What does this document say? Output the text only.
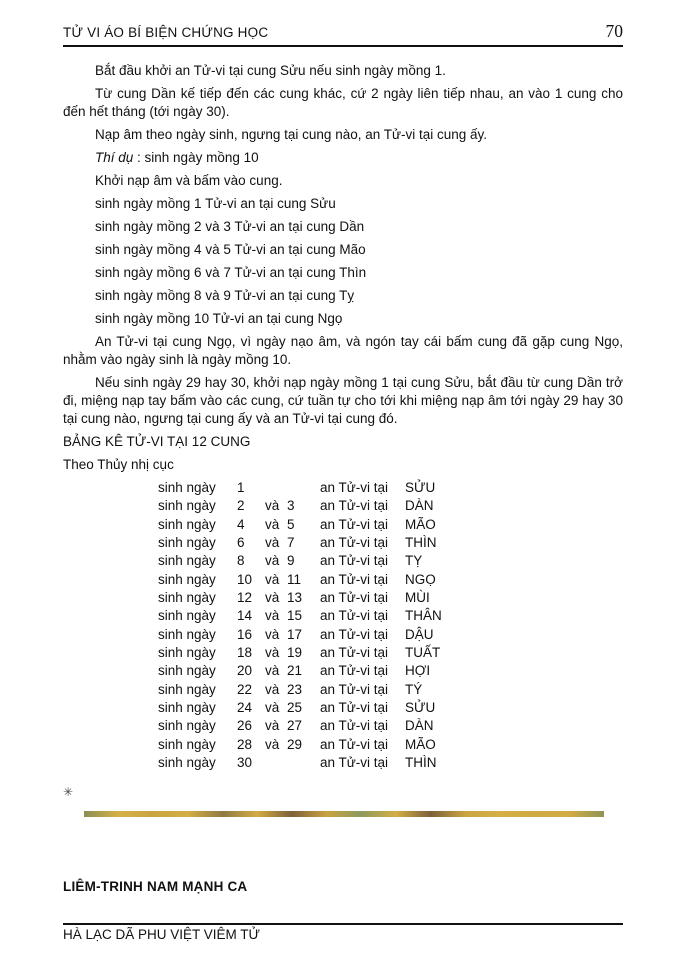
TỬ VI ÁO BÍ BIỆN CHỨNG HỌC	70

Bắt đầu khởi an Tử-vi tại cung Sửu nếu sinh ngày mồng 1.

Từ cung Dần kế tiếp đến các cung khác, cứ 2 ngày liên tiếp nhau, an vào 1 cung cho đến hết tháng (tới ngày 30).

Nạp âm theo ngày sinh, ngưng tại cung nào, an Tử-vi tại cung ấy.

Thí dụ : sinh ngày mồng 10

Khởi nạp âm và bấm vào cung.

sinh ngày mồng 1 Tử-vi an tại cung Sửu

sinh ngày mồng 2 và 3 Tử-vi an tại cung Dần

sinh ngày mồng 4 và 5 Tử-vi an tại cung Mão

sinh ngày mồng 6 và 7 Tử-vi an tại cung Thìn

sinh ngày mồng 8 và 9 Tử-vi an tại cung Tỵ

sinh ngày mồng 10 Tử-vi an tại cung Ngọ

An Tử-vi tại cung Ngọ, vì ngày nạo âm, và ngón tay cái bấm cung đã gặp cung Ngọ, nhằm vào ngày sinh là ngày mồng 10.

Nếu sinh ngày 29 hay 30, khởi nạp ngày mồng 1 tại cung Sửu, bắt đầu từ cung Dần trở đi, miệng nạp tay bấm vào các cung, cứ tuần tự cho tới khi miệng nạp âm tới ngày 29 hay 30 tại cung nào, ngưng tại cung ấy và an Tử-vi tại cung đó.

BẢNG KÊ TỬ-VI TẠI 12 CUNG

Theo Thủy nhị cục

sinh ngày	1	an Tử-vi tại	SỬU
sinh ngày	2	và 3	an Tử-vi tại	DÀN
sinh ngày	4	và 5	an Tử-vi tại	MÃO
sinh ngày	6	và 7	an Tử-vi tại	THÌN
sinh ngày	8	và 9	an Tử-vi tại	TỴ
sinh ngày	10 và 11	an Tử-vi tại	NGỌ
sinh ngày	12 và 13	an Tử-vi tại	MÙI
sinh ngày	14 và 15	an Tử-vi tại	THÂN
sinh ngày	16 và 17	an Tử-vi tại	DẬU
sinh ngày	18 và 19	an Tử-vi tại	TUẤT
sinh ngày	20 và 21	an Tử-vi tại	HỢI
sinh ngày	22 và 23	an Tử-vi tại	TÝ
sinh ngày	24 và 25	an Tử-vi tại	SỬU
sinh ngày	26 và 27	an Tử-vi tại	DÀN
sinh ngày	28 và 29	an Tử-vi tại	MÃO
sinh ngày	30	an Tử-vi tại	THÌN
✳
LIÊM-TRINH NAM MẠNH CA
HÀ LẠC DÃ PHU VIỆT VIÊM TỬ
